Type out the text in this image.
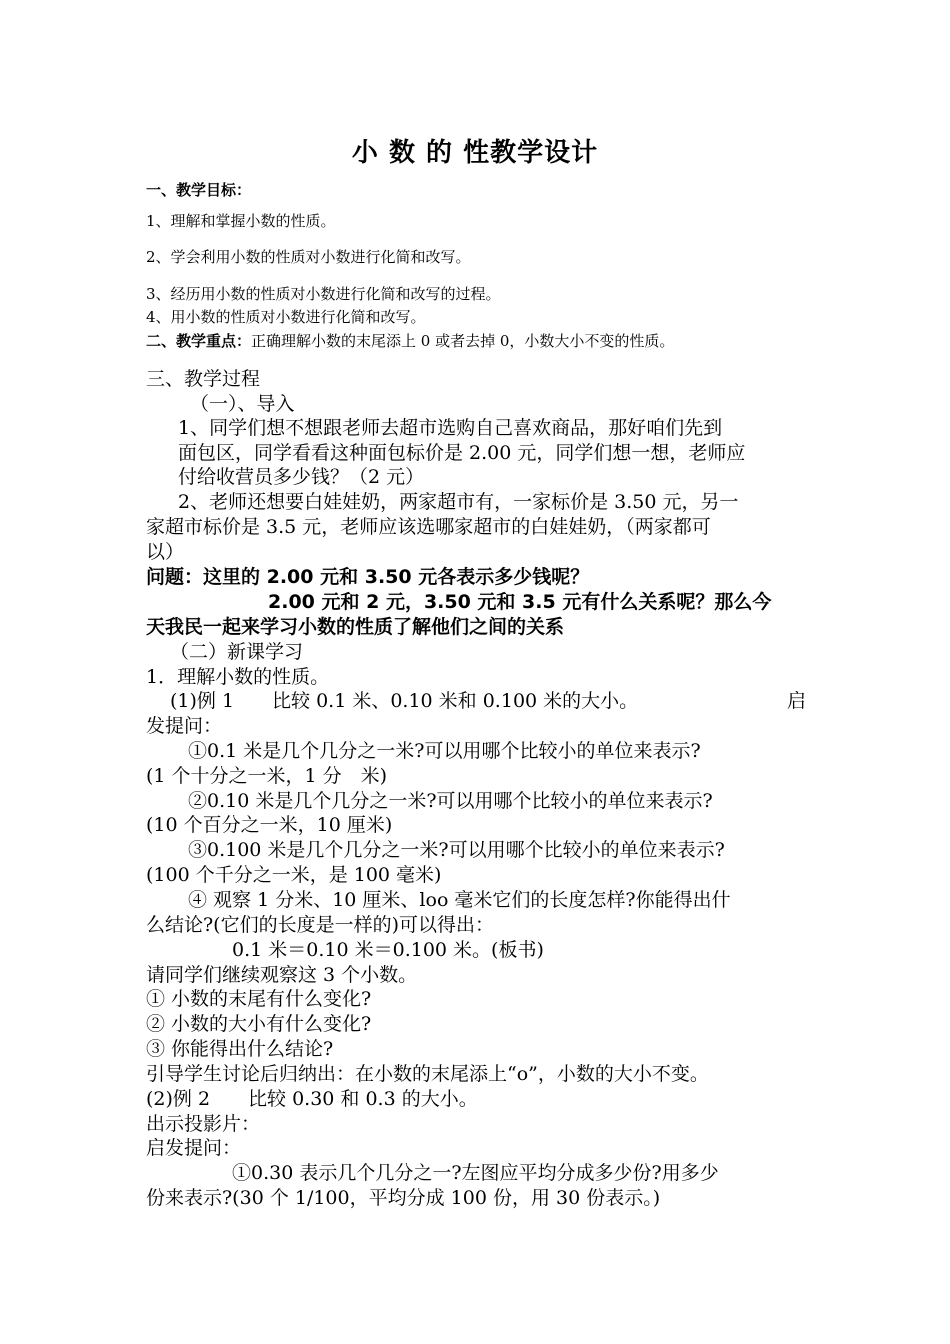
小 数 的 性教学设计
一、教学目标：
1、理解和掌握小数的性质。
2、学会利用小数的性质对小数进行化简和改写。
3、经历用小数的性质对小数进行化简和改写的过程。
4、用小数的性质对小数进行化简和改写。
二、教学重点：正确理解小数的末尾添上 0 或者去掉 0，小数大小不变的性质。
三、教学过程
（一）、导入
1、同学们想不想跟老师去超市选购自己喜欢商品，那好咱们先到
面包区，同学看看这种面包标价是 2.00 元，同学们想一想，老师应
付给收营员多少钱？（2 元）
2、老师还想要白娃娃奶，两家超市有，一家标价是 3.50 元，另一
家超市标价是 3.5 元，老师应该选哪家超市的白娃娃奶，（两家都可
以）
问题：这里的 2.00 元和 3.50 元各表示多少钱呢？
2.00 元和 2 元，3.50 元和 3.5 元有什么关系呢？那么今
天我民一起来学习小数的性质了解他们之间的关系
（二）新课学习
1．理解小数的性质。
(1)例 1　　比较 0.1 米、0.10 米和 0.100 米的大小。	启
发提问：
①0.1 米是几个几分之一米?可以用哪个比较小的单位来表示?
(1 个十分之一米，1 分　米)
②0.10 米是几个几分之一米?可以用哪个比较小的单位来表示?
(10 个百分之一米，10 厘米)
③0.100 米是几个几分之一米?可以用哪个比较小的单位来表示?
(100 个千分之一米，是 100 毫米)
④ 观察 1 分米、10 厘米、loo 毫米它们的长度怎样?你能得出什
么结论?(它们的长度是一样的)可以得出：
0.1 米＝0.10 米＝0.100 米。(板书)
请同学们继续观察这 3 个小数。
① 小数的末尾有什么变化?
② 小数的大小有什么变化?
③ 你能得出什么结论?
引导学生讨论后归纳出：在小数的末尾添上“o”，小数的大小不变。
(2)例 2　　比较 0.30 和 0.3 的大小。
出示投影片：
启发提问：
①0.30 表示几个几分之一?左图应平均分成多少份?用多少
份来表示?(30 个 1/100，平均分成 100 份，用 30 份表示。)
